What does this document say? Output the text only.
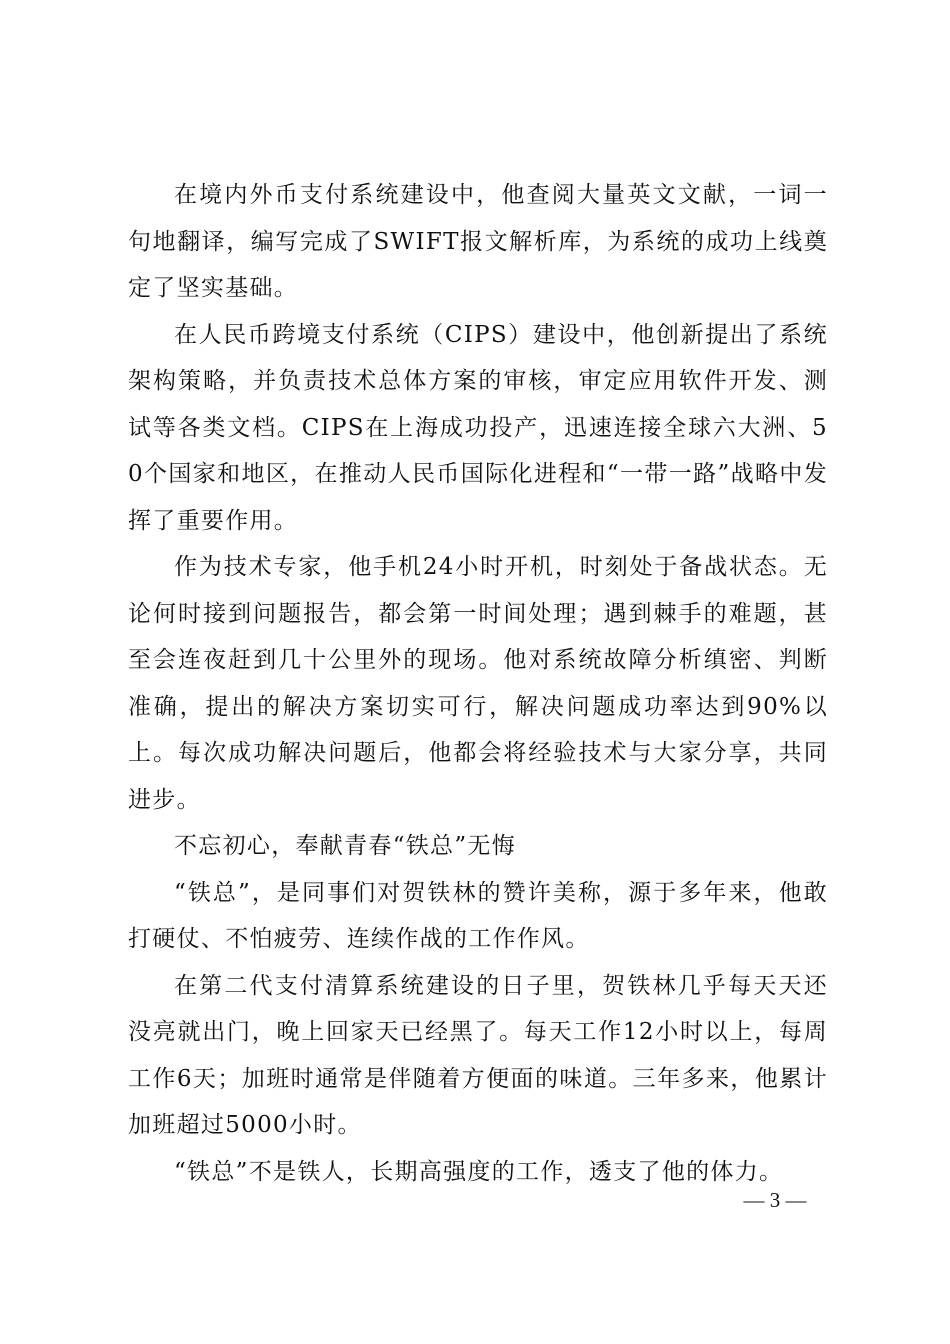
在境内外币支付系统建设中，他查阅大量英文文献，一词一句地翻译，编写完成了SWIFT报文解析库，为系统的成功上线奠定了坚实基础。

在人民币跨境支付系统（CIPS）建设中，他创新提出了系统架构策略，并负责技术总体方案的审核，审定应用软件开发、测试等各类文档。CIPS在上海成功投产，迅速连接全球六大洲、50个国家和地区，在推动人民币国际化进程和“一带一路”战略中发挥了重要作用。

作为技术专家，他手机24小时开机，时刻处于备战状态。无论何时接到问题报告，都会第一时间处理；遇到棘手的难题，甚至会连夜赶到几十公里外的现场。他对系统故障分析缜密、判断准确，提出的解决方案切实可行，解决问题成功率达到90%以上。每次成功解决问题后，他都会将经验技术与大家分享，共同进步。

不忘初心，奉献青春“铁总”无悔

“铁总”，是同事们对贺铁林的赞许美称，源于多年来，他敢打硬仗、不怕疲劳、连续作战的工作作风。

在第二代支付清算系统建设的日子里，贺铁林几乎每天天还没亮就出门，晚上回家天已经黑了。每天工作12小时以上，每周工作6天；加班时通常是伴随着方便面的味道。三年多来，他累计加班超过5000小时。

“铁总”不是铁人，长期高强度的工作，透支了他的体力。

— 3 —
